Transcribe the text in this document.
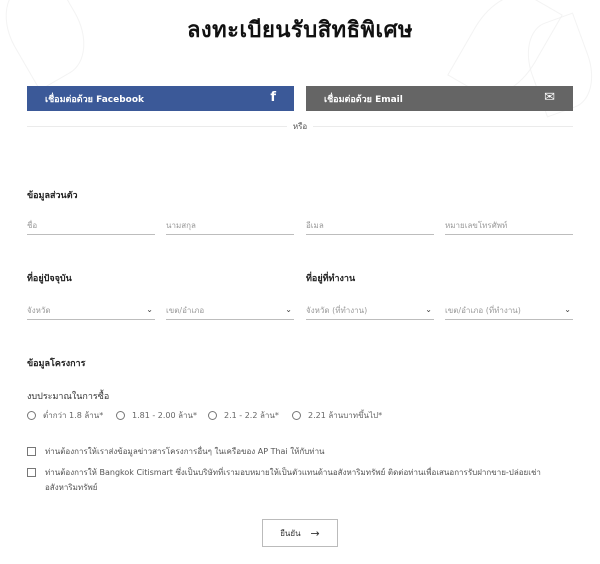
ลงทะเบียนรับสิทธิพิเศษ
เชื่อมต่อด้วย Facebook	f	เชื่อมต่อด้วย Email	✉
หรือ
ข้อมูลส่วนตัว
ชื่อ	นามสกุล	อีเมล	หมายเลขโทรศัพท์
ที่อยู่ปัจจุบัน	ที่อยู่ที่ทำงาน
จังหวัด	⌄ เขต/อำเภอ	⌄ จังหวัด (ที่ทำงาน)	⌄ เขต/อำเภอ (ที่ทำงาน)	⌄
ข้อมูลโครงการ
งบประมาณในการซื้อ
ต่ำกว่า 1.8 ล้าน*	1.81 - 2.00 ล้าน*	2.1 - 2.2 ล้าน*	2.21 ล้านบาทขึ้นไป*
ท่านต้องการให้เราส่งข้อมูลข่าวสารโครงการอื่นๆ ในเครือของ AP Thai ให้กับท่าน
ท่านต้องการให้ Bangkok Citismart ซึ่งเป็นบริษัทที่เรามอบหมายให้เป็นตัวแทนด้านอสังหาริมทรัพย์ ติดต่อท่านเพื่อเสนอการรับฝากขาย-ปล่อยเช่าอสังหาริมทรัพย์
ยืนยัน →
